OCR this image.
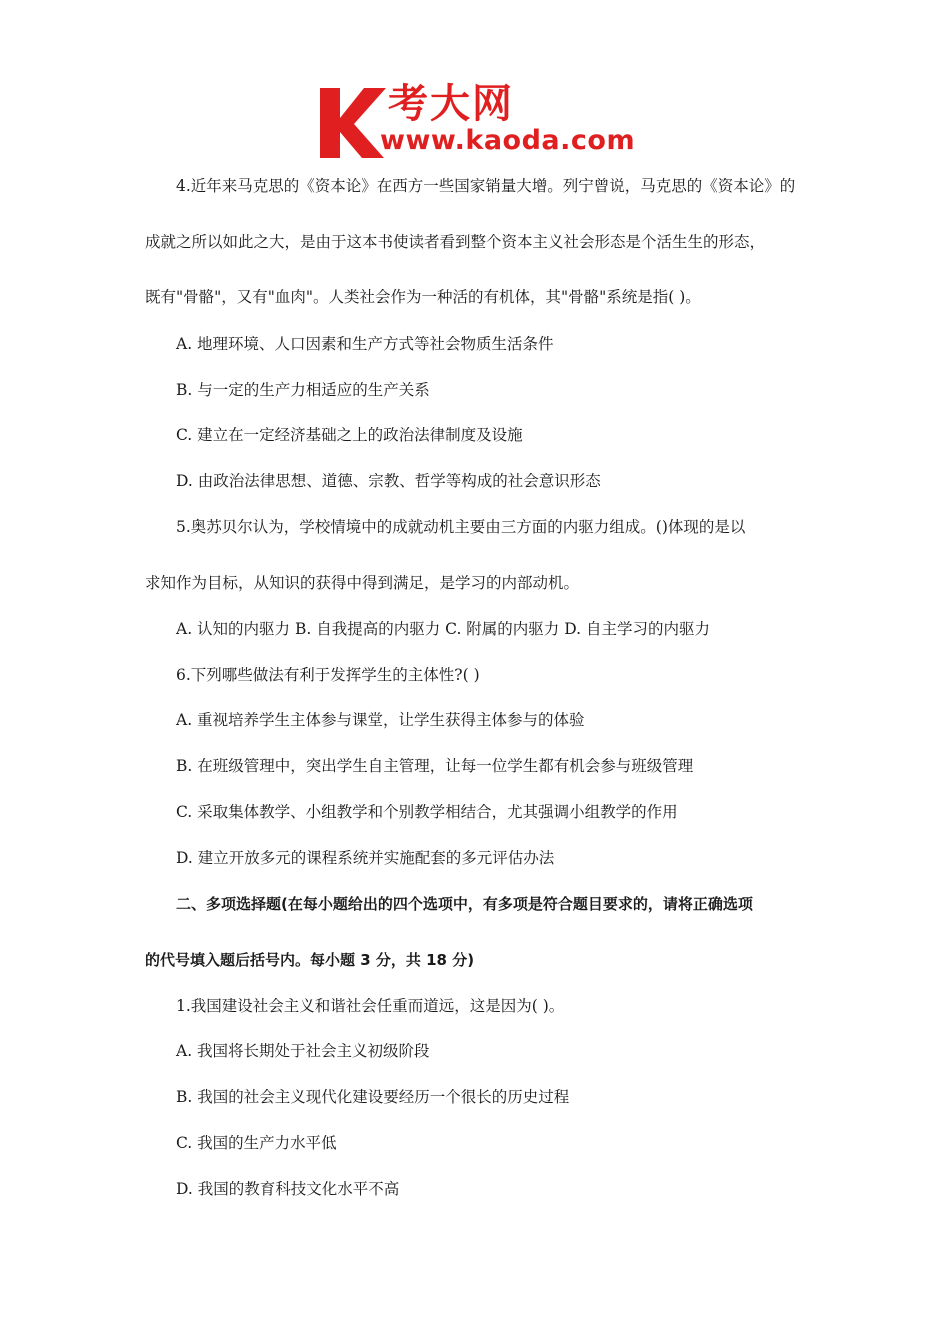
考大网
www.kaoda.com
4.近年来马克思的《资本论》在西方一些国家销量大增。列宁曾说，马克思的《资本论》的
成就之所以如此之大，是由于这本书使读者看到整个资本主义社会形态是个活生生的形态，
既有"骨骼"，又有"血肉"。人类社会作为一种活的有机体，其"骨骼"系统是指( )。
A. 地理环境、人口因素和生产方式等社会物质生活条件
B. 与一定的生产力相适应的生产关系
C. 建立在一定经济基础之上的政治法律制度及设施
D. 由政治法律思想、道德、宗教、哲学等构成的社会意识形态
5.奥苏贝尔认为，学校情境中的成就动机主要由三方面的内驱力组成。()体现的是以
求知作为目标，从知识的获得中得到满足，是学习的内部动机。
A. 认知的内驱力 B. 自我提高的内驱力 C. 附属的内驱力 D. 自主学习的内驱力
6.下列哪些做法有利于发挥学生的主体性?( )
A. 重视培养学生主体参与课堂，让学生获得主体参与的体验
B. 在班级管理中，突出学生自主管理，让每一位学生都有机会参与班级管理
C. 采取集体教学、小组教学和个别教学相结合，尤其强调小组教学的作用
D. 建立开放多元的课程系统并实施配套的多元评估办法
二、多项选择题(在每小题给出的四个选项中，有多项是符合题目要求的，请将正确选项
的代号填入题后括号内。每小题 3 分，共 18 分)
1.我国建设社会主义和谐社会任重而道远，这是因为( )。
A. 我国将长期处于社会主义初级阶段
B. 我国的社会主义现代化建设要经历一个很长的历史过程
C. 我国的生产力水平低
D. 我国的教育科技文化水平不高
